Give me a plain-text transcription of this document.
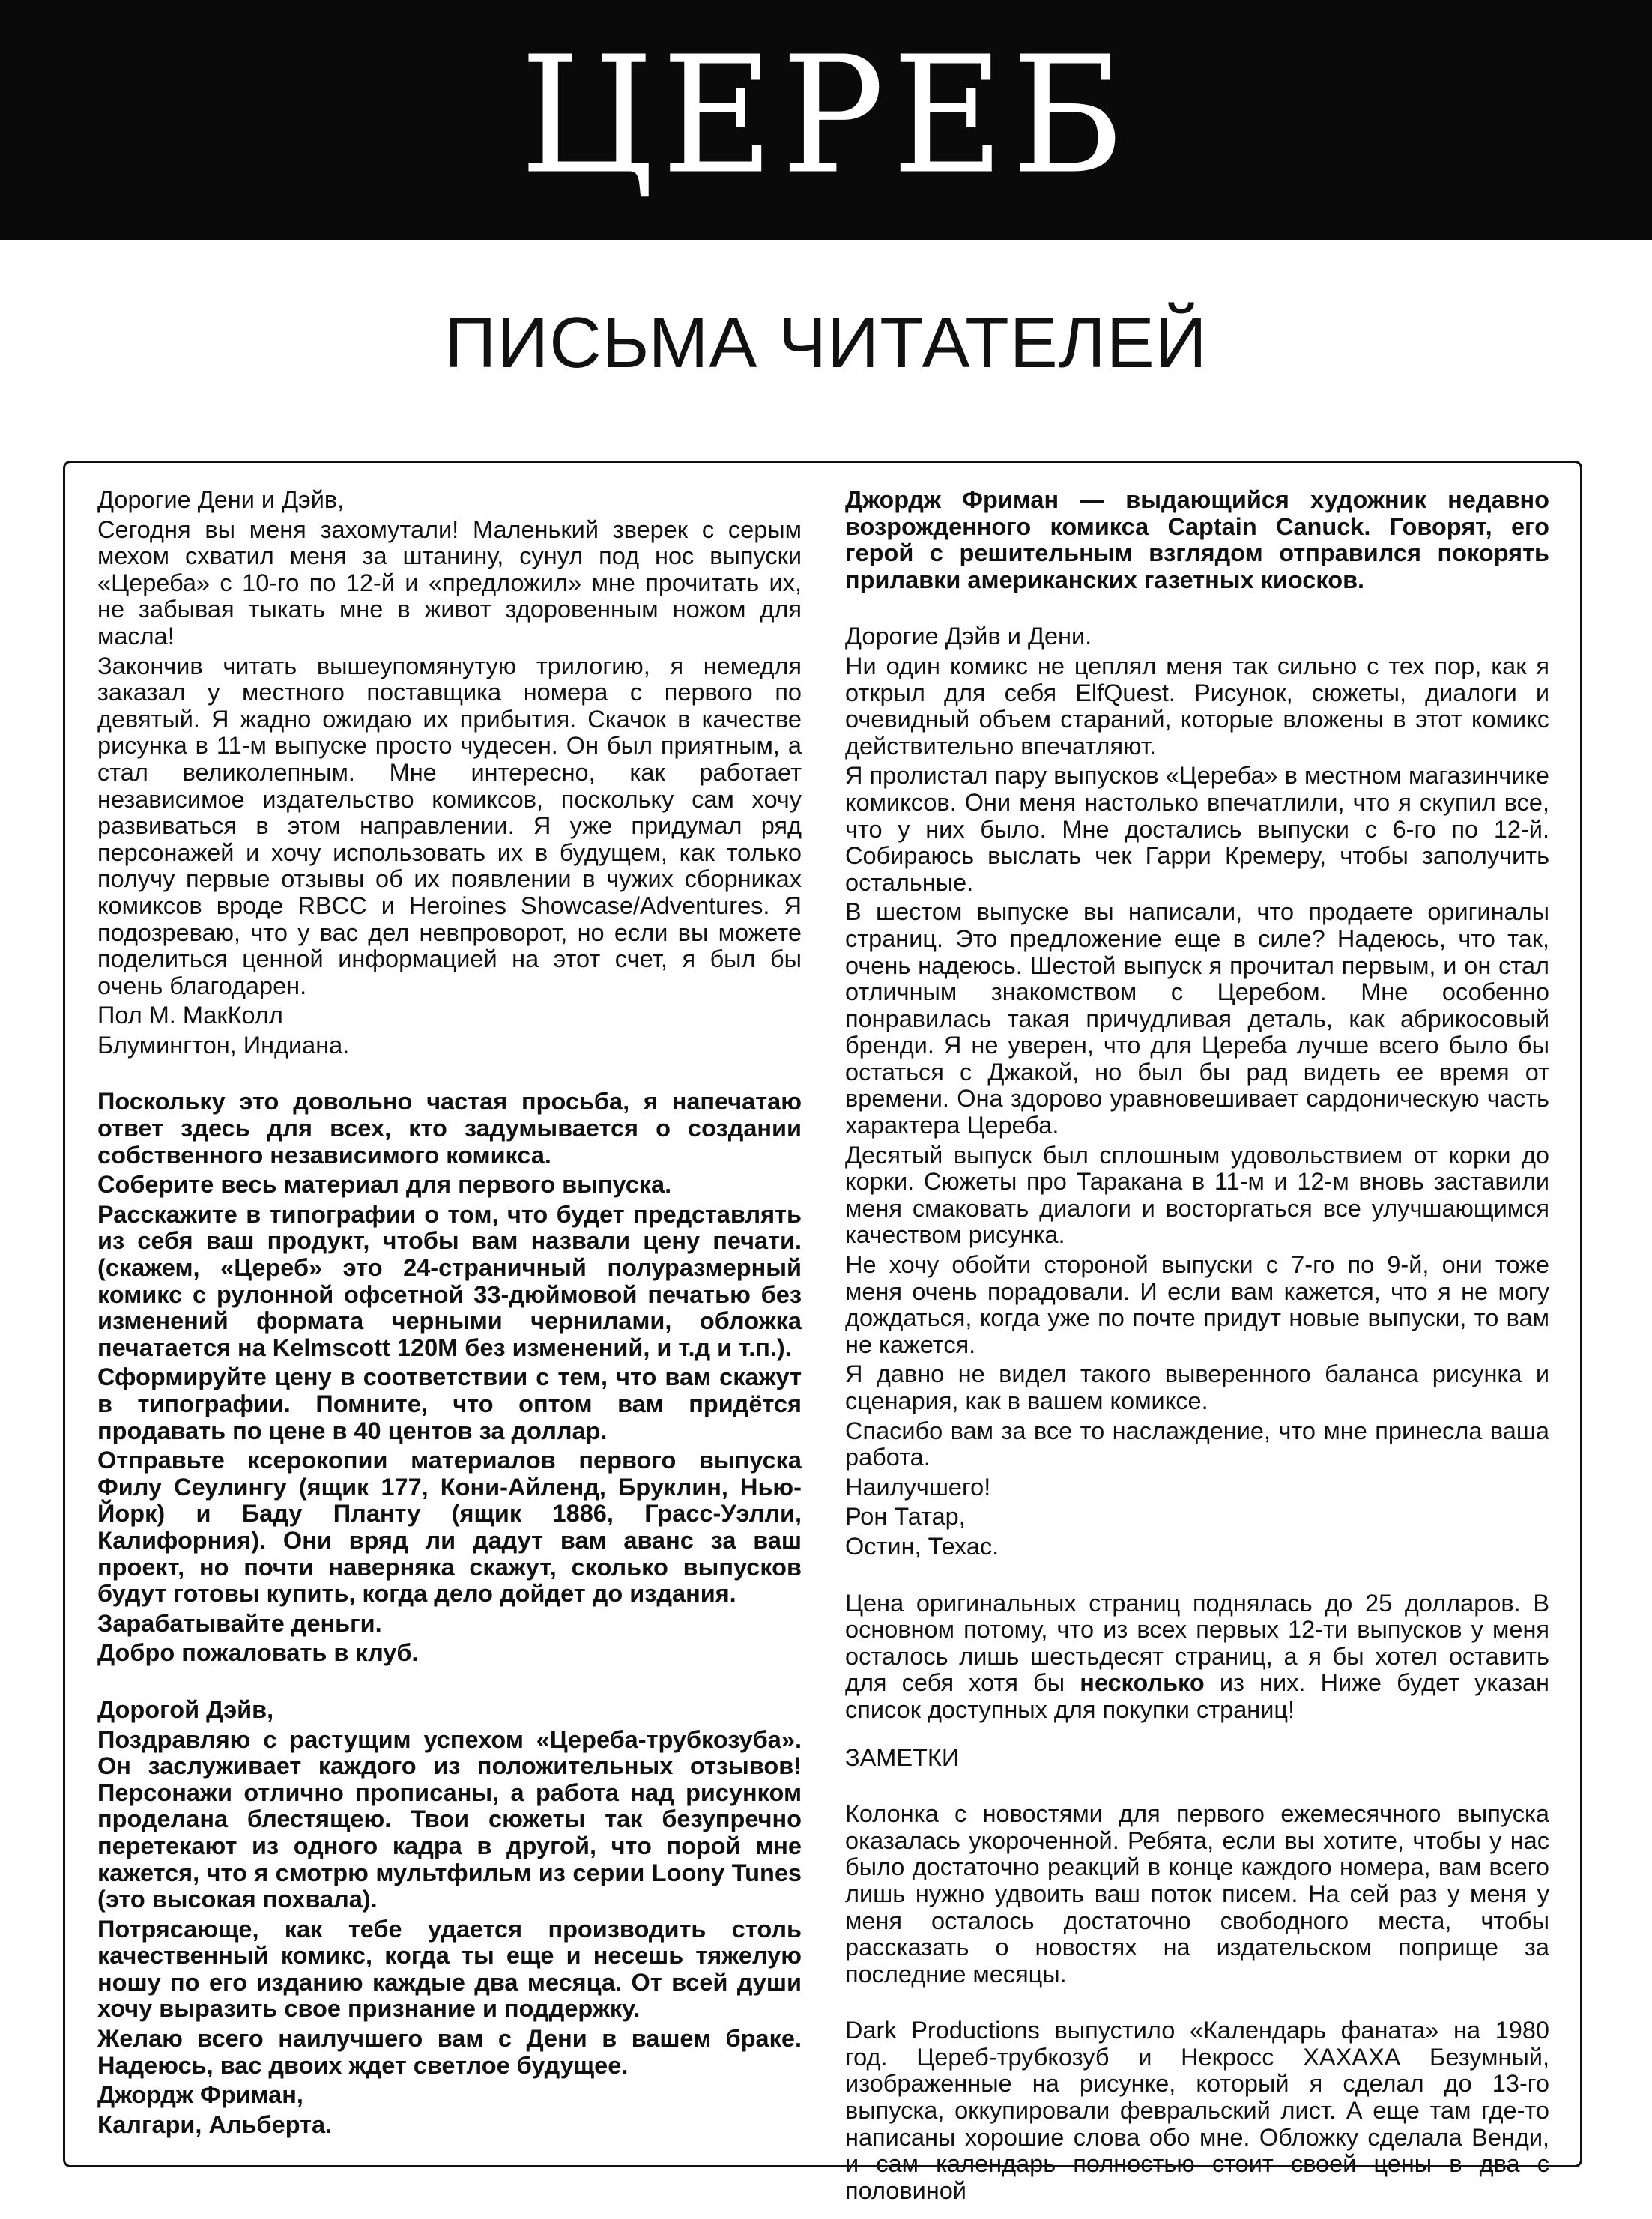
ЦЕРЕБ
ПИСЬМА ЧИТАТЕЛЕЙ

Дорогие Дени и Дэйв,

Сегодня вы меня захомутали! Маленький зверек с серым мехом схватил меня за штанину, сунул под нос выпуски «Цереба» с 10-го по 12-й и «предложил» мне прочитать их, не забывая тыкать мне в живот здоровенным ножом для масла!

Закончив читать вышеупомянутую трилогию, я немедля заказал у местного поставщика номера с первого по девятый. Я жадно ожидаю их прибытия. Скачок в качестве рисунка в 11-м выпуске просто чудесен. Он был приятным, а стал великолепным. Мне интересно, как работает независимое издательство комиксов, поскольку сам хочу развиваться в этом направлении. Я уже придумал ряд персонажей и хочу использовать их в будущем, как только получу первые отзывы об их появлении в чужих сборниках комиксов вроде RBCC и Heroines Showcase/Adventures. Я подозреваю, что у вас дел невпроворот, но если вы можете поделиться ценной информацией на этот счет, я был бы очень благодарен.

Пол М. МакКолл

Блумингтон, Индиана.

Поскольку это довольно частая просьба, я напечатаю ответ здесь для всех, кто задумывается о создании собственного независимого комикса.

Соберите весь материал для первого выпуска.

Расскажите в типографии о том, что будет представлять из себя ваш продукт, чтобы вам назвали цену печати. (скажем, «Цереб» это 24-страничный полуразмерный комикс с рулонной офсетной 33-дюймовой печатью без изменений формата черными чернилами, обложка печатается на Kelmscott 120M без изменений, и т.д и т.п.).

Сформируйте цену в соответствии с тем, что вам скажут в типографии. Помните, что оптом вам придётся продавать по цене в 40 центов за доллар.

Отправьте ксерокопии материалов первого выпуска Филу Сеулингу (ящик 177, Кони-Айленд, Бруклин, Нью-Йорк) и Баду Планту (ящик 1886, Грасс-Уэлли, Калифорния). Они вряд ли дадут вам аванс за ваш проект, но почти наверняка скажут, сколько выпусков будут готовы купить, когда дело дойдет до издания.

Зарабатывайте деньги.

Добро пожаловать в клуб.

Дорогой Дэйв,

Поздравляю с растущим успехом «Цереба-трубкозуба». Он заслуживает каждого из положительных отзывов! Персонажи отлично прописаны, а работа над рисунком проделана блестящею. Твои сюжеты так безупречно перетекают из одного кадра в другой, что порой мне кажется, что я смотрю мультфильм из серии Loony Tunes (это высокая похвала).

Потрясающе, как тебе удается производить столь качественный комикс, когда ты еще и несешь тяжелую ношу по его изданию каждые два месяца. От всей души хочу выразить свое признание и поддержку.

Желаю всего наилучшего вам с Дени в вашем браке. Надеюсь, вас двоих ждет светлое будущее.

Джордж Фриман,

Калгари, Альберта.

Джордж Фриман — выдающийся художник недавно возрожденного комикса Captain Canuck. Говорят, его герой с решительным взглядом отправился покорять прилавки американских газетных киосков.

Дорогие Дэйв и Дени.

Ни один комикс не цеплял меня так сильно с тех пор, как я открыл для себя ElfQuest. Рисунок, сюжеты, диалоги и очевидный объем стараний, которые вложены в этот комикс действительно впечатляют.

Я пролистал пару выпусков «Цереба» в местном магазинчике комиксов. Они меня настолько впечатлили, что я скупил все, что у них было. Мне достались выпуски с 6-го по 12-й. Собираюсь выслать чек Гарри Кремеру, чтобы заполучить остальные.

В шестом выпуске вы написали, что продаете оригиналы страниц. Это предложение еще в силе? Надеюсь, что так, очень надеюсь. Шестой выпуск я прочитал первым, и он стал отличным знакомством с Церебом. Мне особенно понравилась такая причудливая деталь, как абрикосовый бренди. Я не уверен, что для Цереба лучше всего было бы остаться с Джакой, но был бы рад видеть ее время от времени. Она здорово уравновешивает сардоническую часть характера Цереба.

Десятый выпуск был сплошным удовольствием от корки до корки. Сюжеты про Таракана в 11-м и 12-м вновь заставили меня смаковать диалоги и восторгаться все улучшающимся качеством рисунка.

Не хочу обойти стороной выпуски с 7-го по 9-й, они тоже меня очень порадовали. И если вам кажется, что я не могу дождаться, когда уже по почте придут новые выпуски, то вам не кажется.

Я давно не видел такого выверенного баланса рисунка и сценария, как в вашем комиксе.

Спасибо вам за все то наслаждение, что мне принесла ваша работа.

Наилучшего!

Рон Татар,

Остин, Техас.

Цена оригинальных страниц поднялась до 25 долларов. В основном потому, что из всех первых 12-ти выпусков у меня осталось лишь шестьдесят страниц, а я бы хотел оставить для себя хотя бы несколько из них. Ниже будет указан список доступных для покупки страниц!

ЗАМЕТКИ

Колонка с новостями для первого ежемесячного выпуска оказалась укороченной. Ребята, если вы хотите, чтобы у нас было достаточно реакций в конце каждого номера, вам всего лишь нужно удвоить ваш поток писем. На сей раз у меня у меня осталось достаточно свободного места, чтобы рассказать о новостях на издательском поприще за последние месяцы.

Dark Productions выпустило «Календарь фаната» на 1980 год. Цереб-трубкозуб и Некросс ХАХАХА Безумный, изображенные на рисунке, который я сделал до 13-го выпуска, оккупировали февральский лист. А еще там где-то написаны хорошие слова обо мне. Обложку сделала Венди, и сам календарь полностью стоит своей цены в два с половиной
